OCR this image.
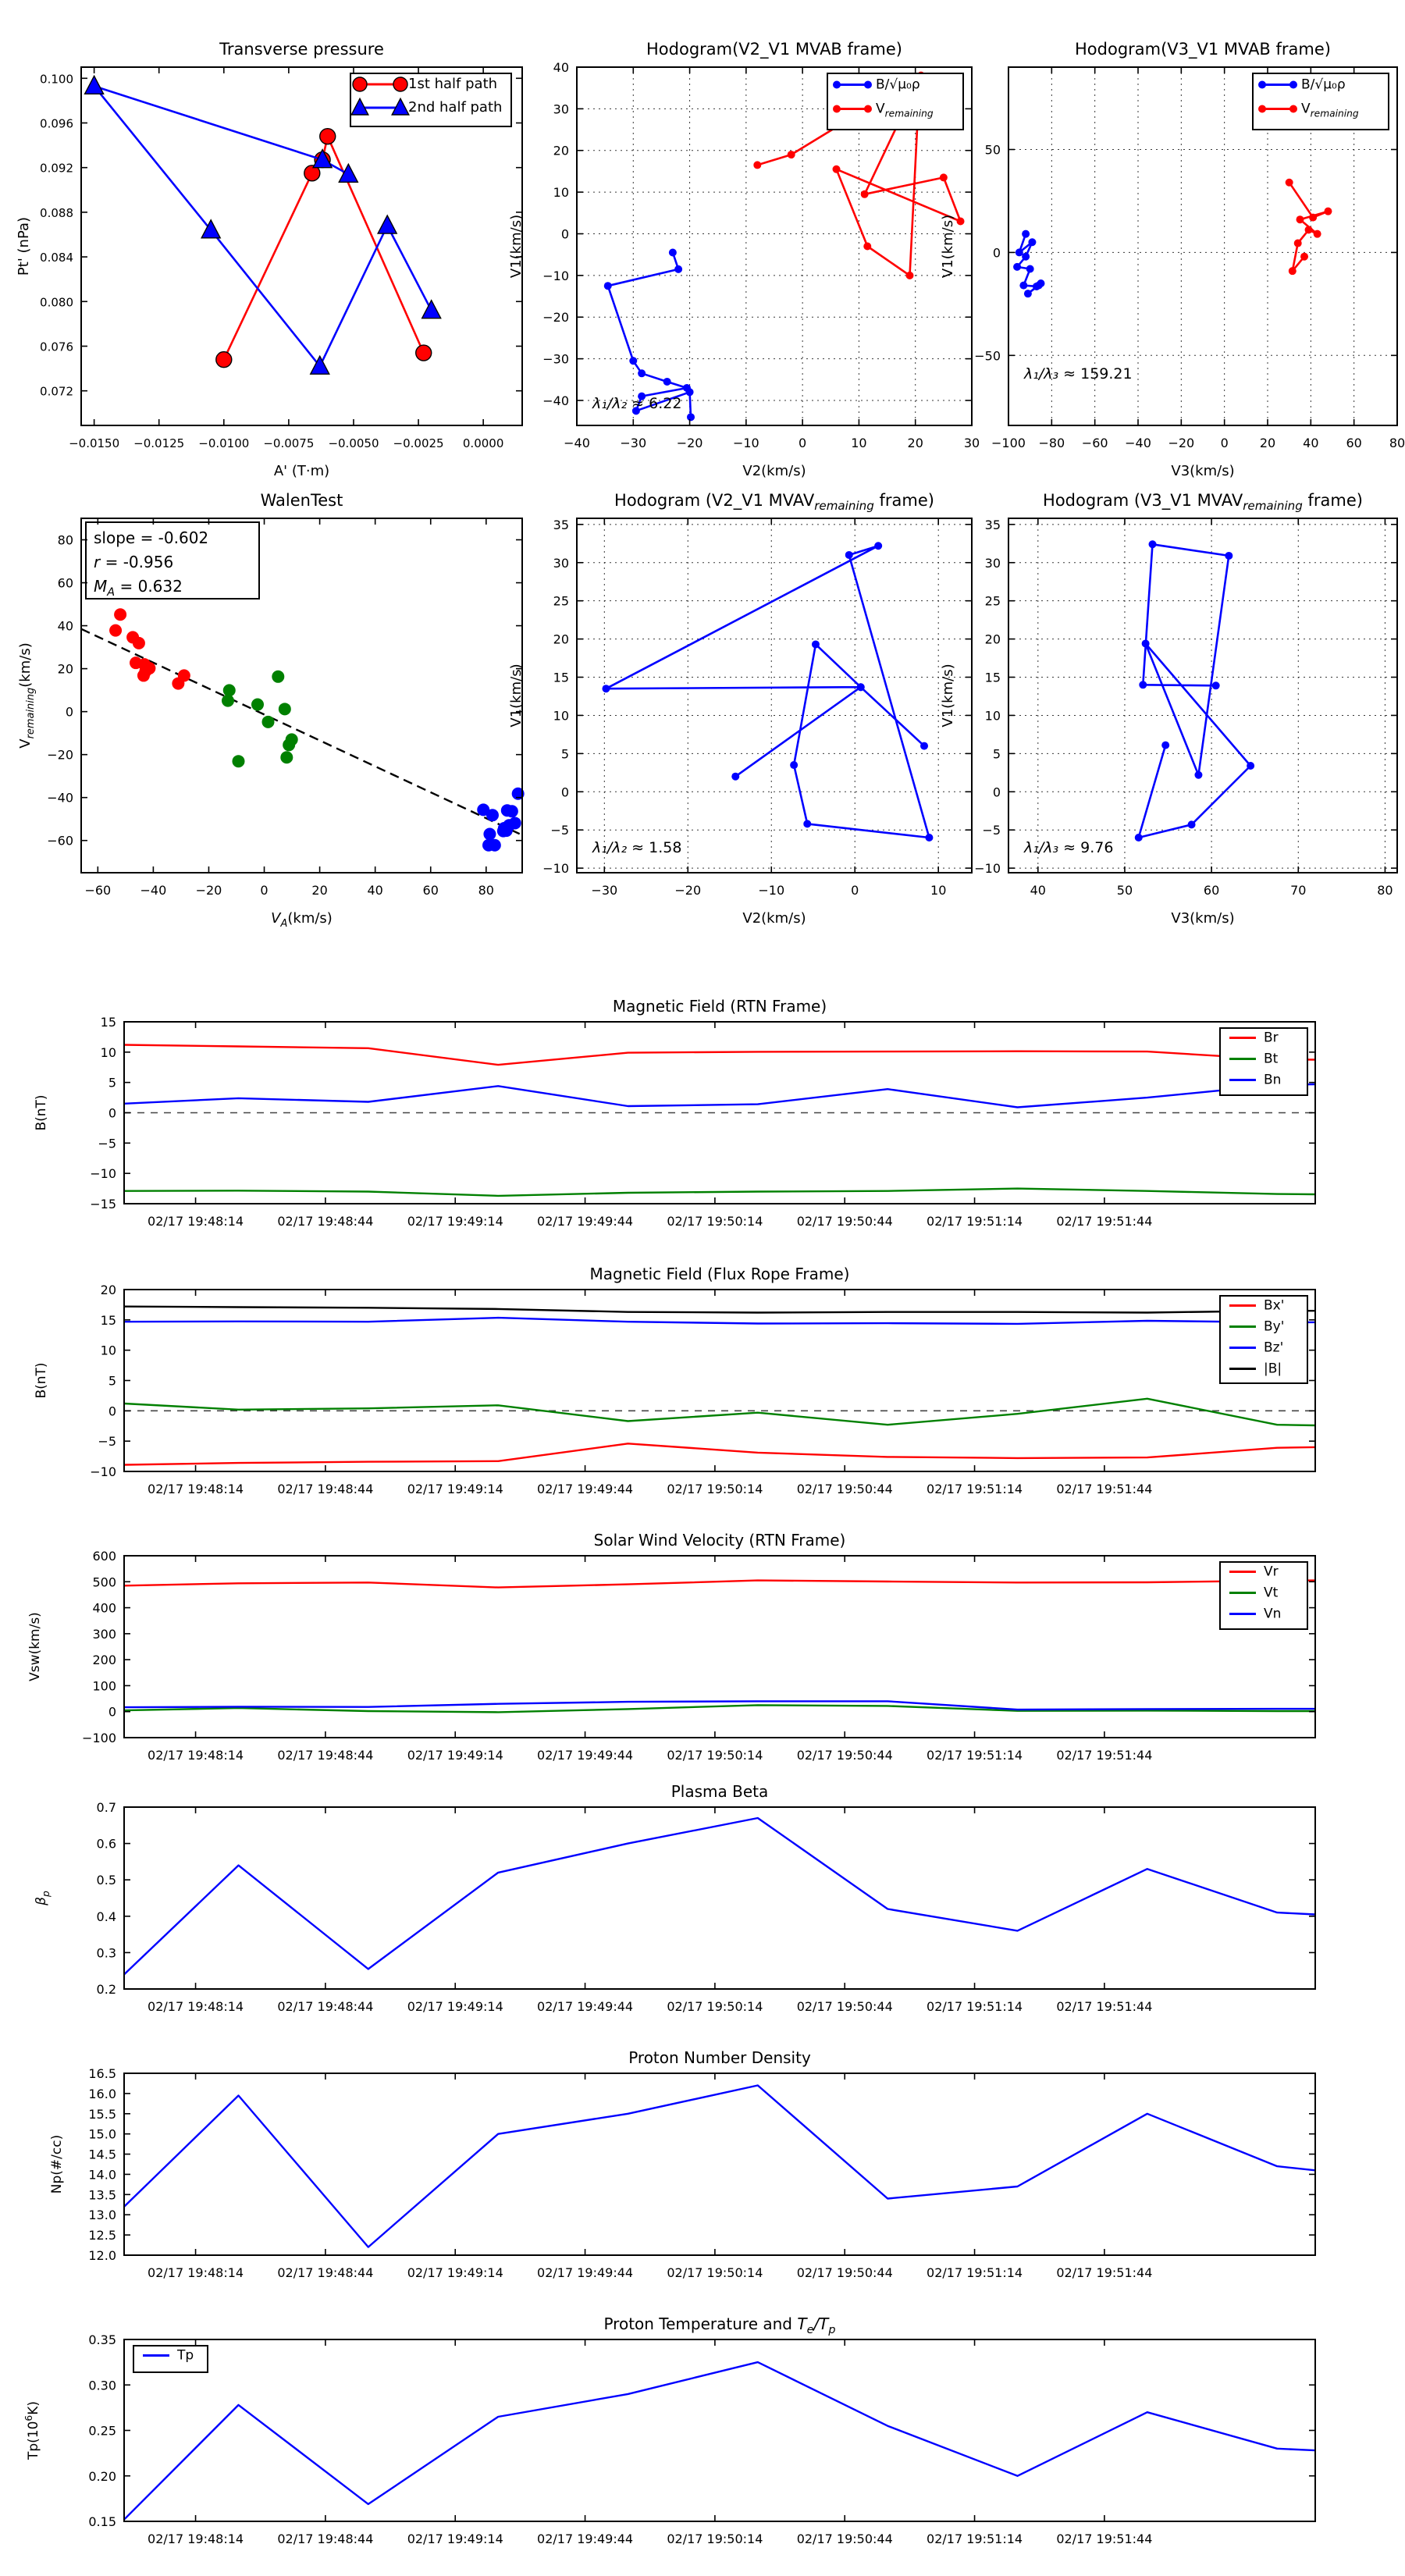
−0.0150 −0.0125 −0.0100 −0.0075 −0.0050 −0.0025 0.0000
0.072
0.076
0.080
0.084
0.088
0.092
0.096
0.100
Transverse pressure
A' (T·m)
Pt' (nPa)
1st half path
2nd half path
λ₁/λ₂ ≈ 6.22
−40 −30 −20 −10	0	10	20	30
−40
−30
−20
−10
0
10
20
30
40
Hodogram(V2_V1 MVAB frame)
V2(km/s)
V1(km/s)
B/√μ₀ρ
$V_{remaining}$
λ₁/λ₃ ≈ 159.21
−100 −80 −60 −40 −20 0	20 40 60 80
−50
0
50
Hodogram(V3_V1 MVAB frame)
V3(km/s)
V1(km/s)
B/√μ₀ρ
$V_{remaining}$
slope = -0.602
r = -0.956
$M_A = 0.632$
−60 −40 −20	0	20	40	60	80
−60
−40
−20
0
20
40
60
80
WalenTest
$V_A(km/s)$
$V_{remaining}(km/s)$
λ₁/λ₂ ≈ 1.58
−30	−20	−10	0	10
−10
−5
0
5
10
15
20
25
30
35
Hodogram (V2_V1 $MVAV_{remaining}$ frame)
V2(km/s)
V1(km/s)
λ₁/λ₃ ≈ 9.76
40	50	60	70	80
−10
−5
0
5
10
15
20
25
30
35
Hodogram (V3_V1 $MVAV_{remaining}$ frame)
V3(km/s)
V1(km/s)
02/17 19:48:14	02/17 19:48:44	02/17 19:49:14	02/17 19:49:44	02/17 19:50:14	02/17 19:50:44	02/17 19:51:14	02/17 19:51:44
−15
−10
−5
0
5
10
15
Magnetic Field (RTN Frame)
B(nT)
Br
Bt
Bn
02/17 19:48:14	02/17 19:48:44	02/17 19:49:14	02/17 19:49:44	02/17 19:50:14	02/17 19:50:44	02/17 19:51:14	02/17 19:51:44
−10
−5
0
5
10
15
20
Magnetic Field (Flux Rope Frame)
B(nT)
Bx'
By'
Bz'
|B|
02/17 19:48:14	02/17 19:48:44	02/17 19:49:14	02/17 19:49:44	02/17 19:50:14	02/17 19:50:44	02/17 19:51:14	02/17 19:51:44
−100
0
100
200
300
400
500
600
Solar Wind Velocity (RTN Frame)
Vsw(km/s)
Vr
Vt
Vn
02/17 19:48:14	02/17 19:48:44	02/17 19:49:14	02/17 19:49:44	02/17 19:50:14	02/17 19:50:44	02/17 19:51:14	02/17 19:51:44
0.2
0.3
0.4
0.5
0.6
0.7
Plasma Beta
$\beta_p$
02/17 19:48:14	02/17 19:48:44	02/17 19:49:14	02/17 19:49:44	02/17 19:50:14	02/17 19:50:44	02/17 19:51:14	02/17 19:51:44
12.0
12.5
13.0
13.5
14.0
14.5
15.0
15.5
16.0
16.5
Proton Number Density
Np(#/cc)
02/17 19:48:14	02/17 19:48:44	02/17 19:49:14	02/17 19:49:44	02/17 19:50:14	02/17 19:50:44	02/17 19:51:14	02/17 19:51:44
0.15
0.20
0.25
0.30
0.35
Proton Temperature and $T_e/T_p$
$Tp(10^6K)$
Tp
